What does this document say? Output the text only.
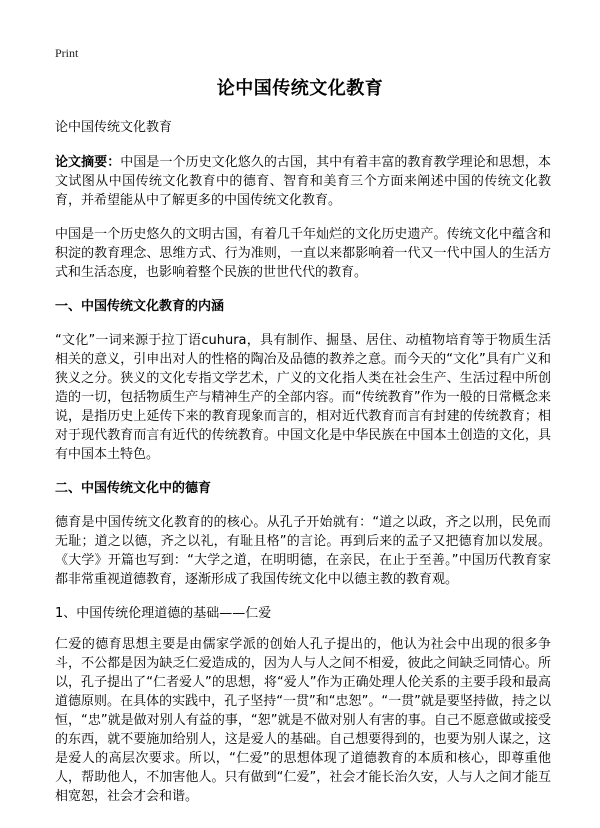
Print
论中国传统文化教育

论中国传统文化教育

论文摘要：中国是一个历史文化悠久的古国，其中有着丰富的教育教学理论和思想，本文试图从中国传统文化教育中的德育、智育和美育三个方面来阐述中国的传统文化教育，并希望能从中了解更多的中国传统文化教育。

中国是一个历史悠久的文明古国，有着几千年灿烂的文化历史遗产。传统文化中蕴含和积淀的教育理念、思维方式、行为准则，一直以来都影响着一代又一代中国人的生活方式和生活态度，也影响着整个民族的世世代代的教育。

一、中国传统文化教育的内涵

“文化”一词来源于拉丁语cuhura，具有制作、掘垦、居住、动植物培育等于物质生活相关的意义，引申出对人的性格的陶冶及品德的教养之意。而今天的“文化”具有广义和狭义之分。狭义的文化专指文学艺术，广义的文化指人类在社会生产、生活过程中所创造的一切，包括物质生产与精神生产的全部内容。而“传统教育”作为一般的日常概念来说，是指历史上延传下来的教育现象而言的，相对近代教育而言有封建的传统教育；相对于现代教育而言有近代的传统教育。中国文化是中华民族在中国本土创造的文化，具有中国本土特色。

二、中国传统文化中的德育

德育是中国传统文化教育的的核心。从孔子开始就有：“道之以政，齐之以刑，民免而无耻；道之以德，齐之以礼，有耻且格”的言论。再到后来的孟子又把德育加以发展。《大学》开篇也写到：“大学之道，在明明德，在亲民，在止于至善。”中国历代教育家都非常重视道德教育，逐渐形成了我国传统文化中以德主教的教育观。

1、中国传统伦理道德的基础——仁爱

仁爱的德育思想主要是由儒家学派的创始人孔子提出的，他认为社会中出现的很多争斗，不公都是因为缺乏仁爱造成的，因为人与人之间不相爱，彼此之间缺乏同情心。所以，孔子提出了“仁者爱人”的思想，将“爱人”作为正确处理人伦关系的主要手段和最高道德原则。在具体的实践中，孔子坚持“一贯”和“忠恕”。“一贯”就是要坚持做，持之以恒，“忠”就是做对别人有益的事，“恕”就是不做对别人有害的事。自己不愿意做或接受的东西，就不要施加给别人，这是爱人的基础。自己想要得到的，也要为别人谋之，这是爱人的高层次要求。所以，“仁爱”的思想体现了道德教育的本质和核心，即尊重他人，帮助他人，不加害他人。只有做到“仁爱”，社会才能长治久安，人与人之间才能互相宽恕，社会才会和谐。
